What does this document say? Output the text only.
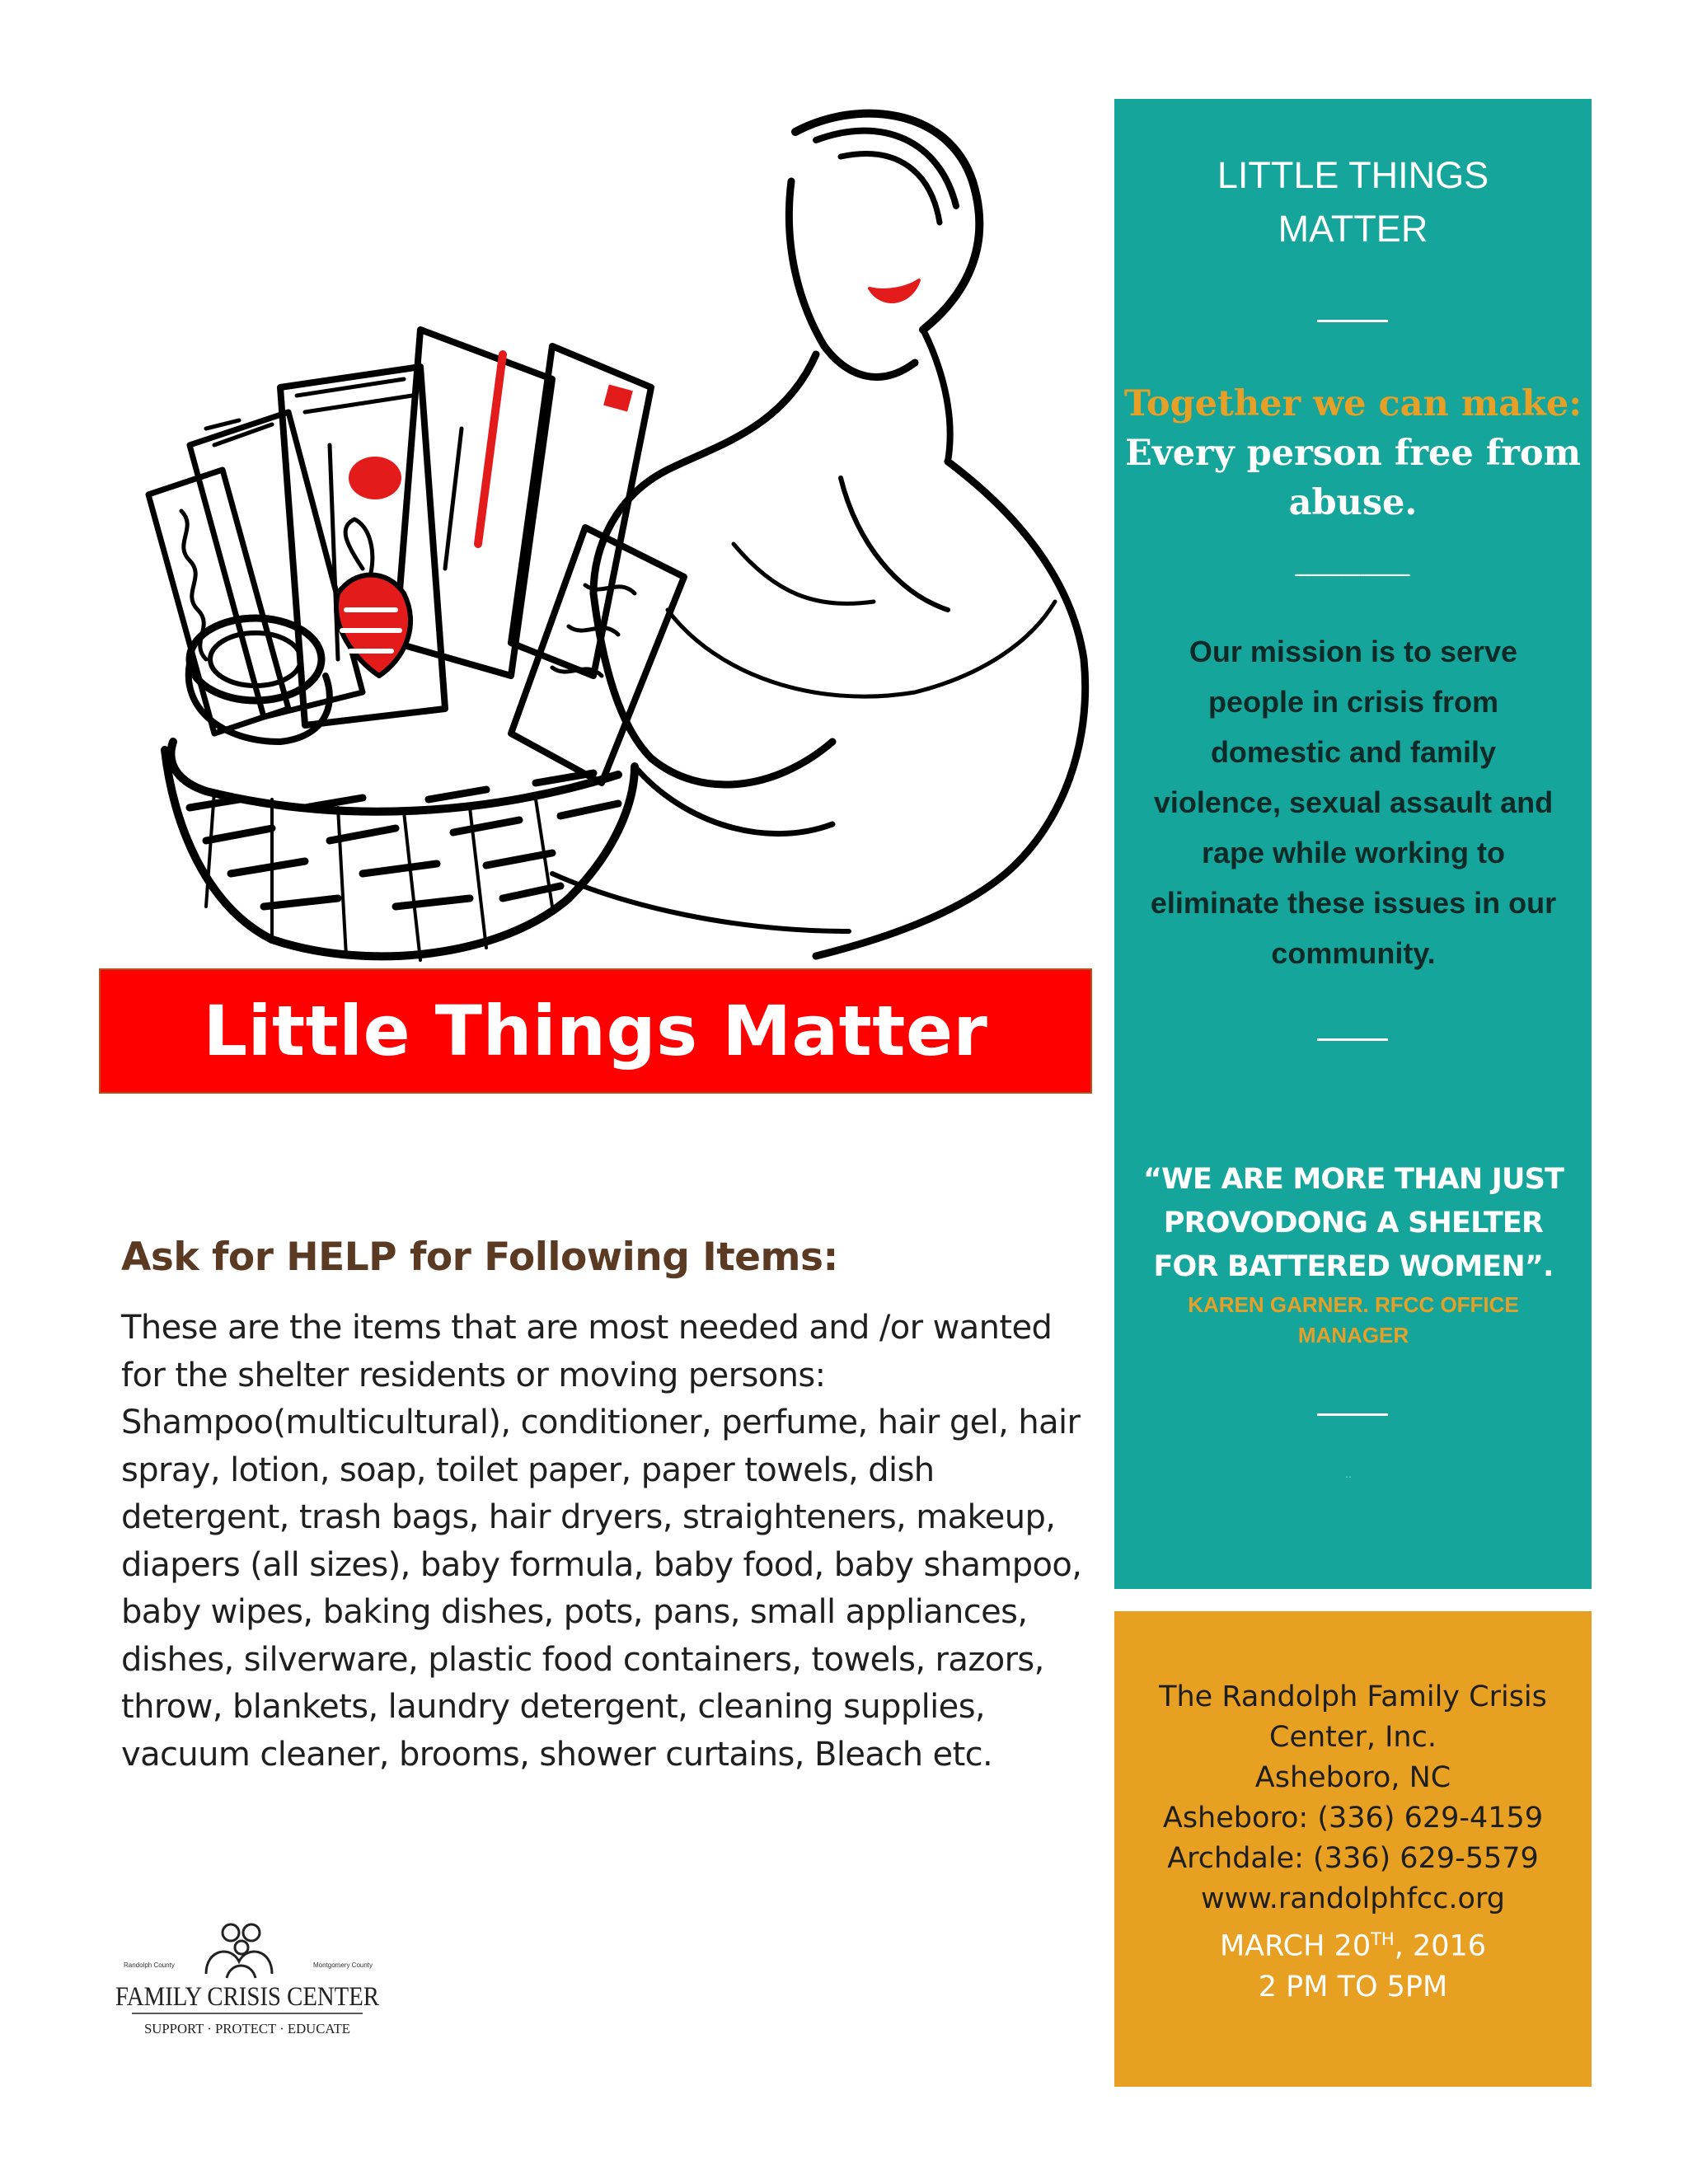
Little Things Matter
Ask for HELP for Following Items:

These are the items that are most needed and /or wanted for the shelter residents or moving persons: Shampoo(multicultural), conditioner, perfume, hair gel, hair spray, lotion, soap, toilet paper, paper towels, dish detergent, trash bags, hair dryers, straighteners, makeup, diapers (all sizes), baby formula, baby food, baby shampoo, baby wipes, baking dishes, pots, pans, small appliances, dishes, silverware, plastic food containers, towels, razors, throw, blankets, laundry detergent, cleaning supplies, vacuum cleaner, brooms, shower curtains, Bleach etc.

Randolph County	Montgomery County
FAMILY CRISIS CENTER
SUPPORT · PROTECT · EDUCATE
LITTLE THINGS
MATTER
Together we can make:
Every person free from
abuse.
_______
Our mission is to serve people in crisis from domestic and family violence, sexual assault and rape while working to eliminate these issues in our community.
“WE ARE MORE THAN JUST PROVODONG A SHELTER FOR BATTERED WOMEN”.
KAREN GARNER. RFCC OFFICE MANAGER
..
The Randolph Family Crisis
Center, Inc.
Asheboro, NC
Asheboro: (336) 629-4159
Archdale: (336) 629-5579
www.randolphfcc.org
MARCH 20TH, 2016
2 PM TO 5PM
